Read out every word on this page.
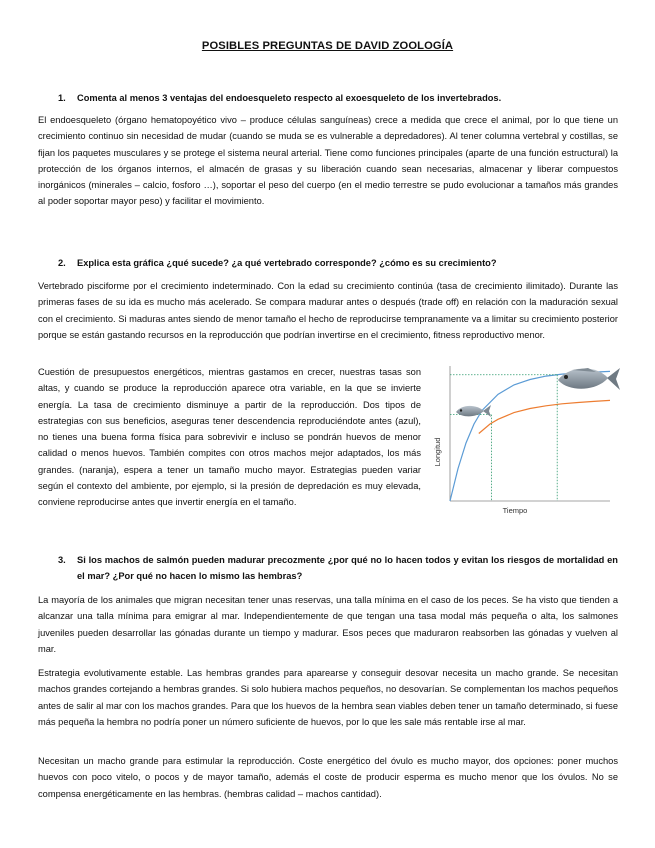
POSIBLES PREGUNTAS DE DAVID ZOOLOGÍA
1.	Comenta al menos 3 ventajas del endoesqueleto respecto al exoesqueleto de los invertebrados.

El endoesqueleto (órgano hematopoyético vivo – produce células sanguíneas) crece a medida que crece el animal, por lo que tiene un crecimiento continuo sin necesidad de mudar (cuando se muda se es vulnerable a depredadores). Al tener columna vertebral y costillas, se fijan los paquetes musculares y se protege el sistema neural arterial. Tiene como funciones principales (aparte de una función estructural) la protección de los órganos internos, el almacén de grasas y su liberación cuando sean necesarias, almacenar y liberar compuestos inorgánicos (minerales – calcio, fosforo …), soportar el peso del cuerpo (en el medio terrestre se pudo evolucionar a tamaños más grandes al poder soportar mayor peso) y facilitar el movimiento.

2.	Explica esta gráfica ¿qué sucede? ¿a qué vertebrado corresponde? ¿cómo es su crecimiento?

Vertebrado pisciforme por el crecimiento indeterminado. Con la edad su crecimiento continúa (tasa de crecimiento ilimitado). Durante las primeras fases de su ida es mucho más acelerado. Se compara madurar antes o después (trade off) en relación con la maduración sexual con el crecimiento. Si maduras antes siendo de menor tamaño el hecho de reproducirse tempranamente va a limitar su crecimiento posterior porque se están gastando recursos en la reproducción que podrían invertirse en el crecimiento, fitness reproductivo menor.

Cuestión de presupuestos energéticos, mientras gastamos en crecer, nuestras tasas son altas, y cuando se produce la reproducción aparece otra variable, en la que se invierte energía. La tasa de crecimiento disminuye a partir de la reproducción. Dos tipos de estrategias con sus beneficios, aseguras tener descendencia reproduciéndote antes (azul), no tienes una buena forma física para sobrevivir e incluso se pondrán huevos de menor calidad o menos huevos. También compites con otros machos mejor adaptados, los más grandes. (naranja), espera a tener un tamaño mucho mayor. Estrategias pueden variar según el contexto del ambiente, por ejemplo, si la presión de depredación es muy elevada, conviene reproducirse antes que invertir energía en el tamaño.

Tiempo
Longitud
3.	Si los machos de salmón pueden madurar precozmente ¿por qué no lo hacen todos y evitan los riesgos de mortalidad en el mar? ¿Por qué no hacen lo mismo las hembras?

La mayoría de los animales que migran necesitan tener unas reservas, una talla mínima en el caso de los peces. Se ha visto que tienden a alcanzar una talla mínima para emigrar al mar. Independientemente de que tengan una tasa modal más pequeña o alta, los salmones juveniles pueden desarrollar las gónadas durante un tiempo y madurar. Esos peces que maduraron reabsorben las gónadas y vuelven al mar.

Estrategia evolutivamente estable. Las hembras grandes para aparearse y conseguir desovar necesita un macho grande. Se necesitan machos grandes cortejando a hembras grandes. Si solo hubiera machos pequeños, no desovarían. Se complementan los machos pequeños antes de salir al mar con los machos grandes. Para que los huevos de la hembra sean viables deben tener un tamaño determinado, si fuese más pequeña la hembra no podría poner un número suficiente de huevos, por lo que les sale más rentable irse al mar.

Necesitan un macho grande para estimular la reproducción. Coste energético del óvulo es mucho mayor, dos opciones: poner muchos huevos con poco vitelo, o pocos y de mayor tamaño, además el coste de producir esperma es mucho menor que los óvulos. No se compensa energéticamente en las hembras. (hembras calidad – machos cantidad).
